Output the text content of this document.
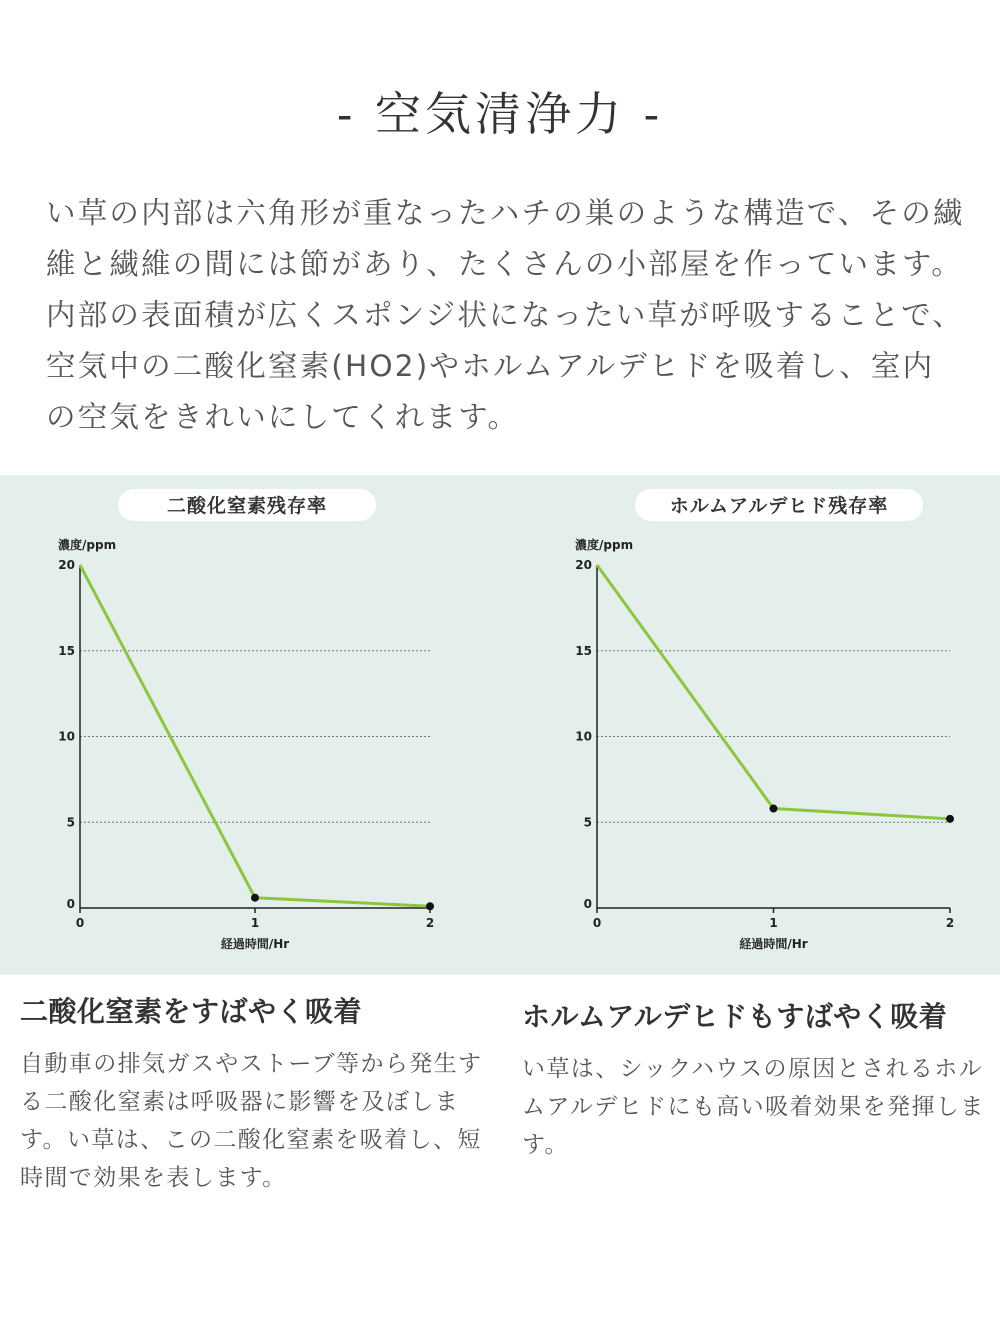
- 空気清浄力 -
い草の内部は六角形が重なったハチの巣のような構造で、その繊維と繊維の間には節があり、たくさんの小部屋を作っています。内部の表面積が広くスポンジ状になったい草が呼吸することで、空気中の二酸化窒素(HO2)やホルムアルデヒドを吸着し、室内の空気をきれいにしてくれます。
二酸化窒素残存率
濃度/ppm
0
5
10
15
20
0	1	2
経過時間/Hr
ホルムアルデヒド残存率
濃度/ppm
0
5
10
15
20
0	1	2
経過時間/Hr
二酸化窒素をすばやく吸着
自動車の排気ガスやストーブ等から発生する二酸化窒素は呼吸器に影響を及ぼします。い草は、この二酸化窒素を吸着し、短時間で効果を表します。
ホルムアルデヒドもすばやく吸着
い草は、シックハウスの原因とされるホルムアルデヒドにも高い吸着効果を発揮します。
